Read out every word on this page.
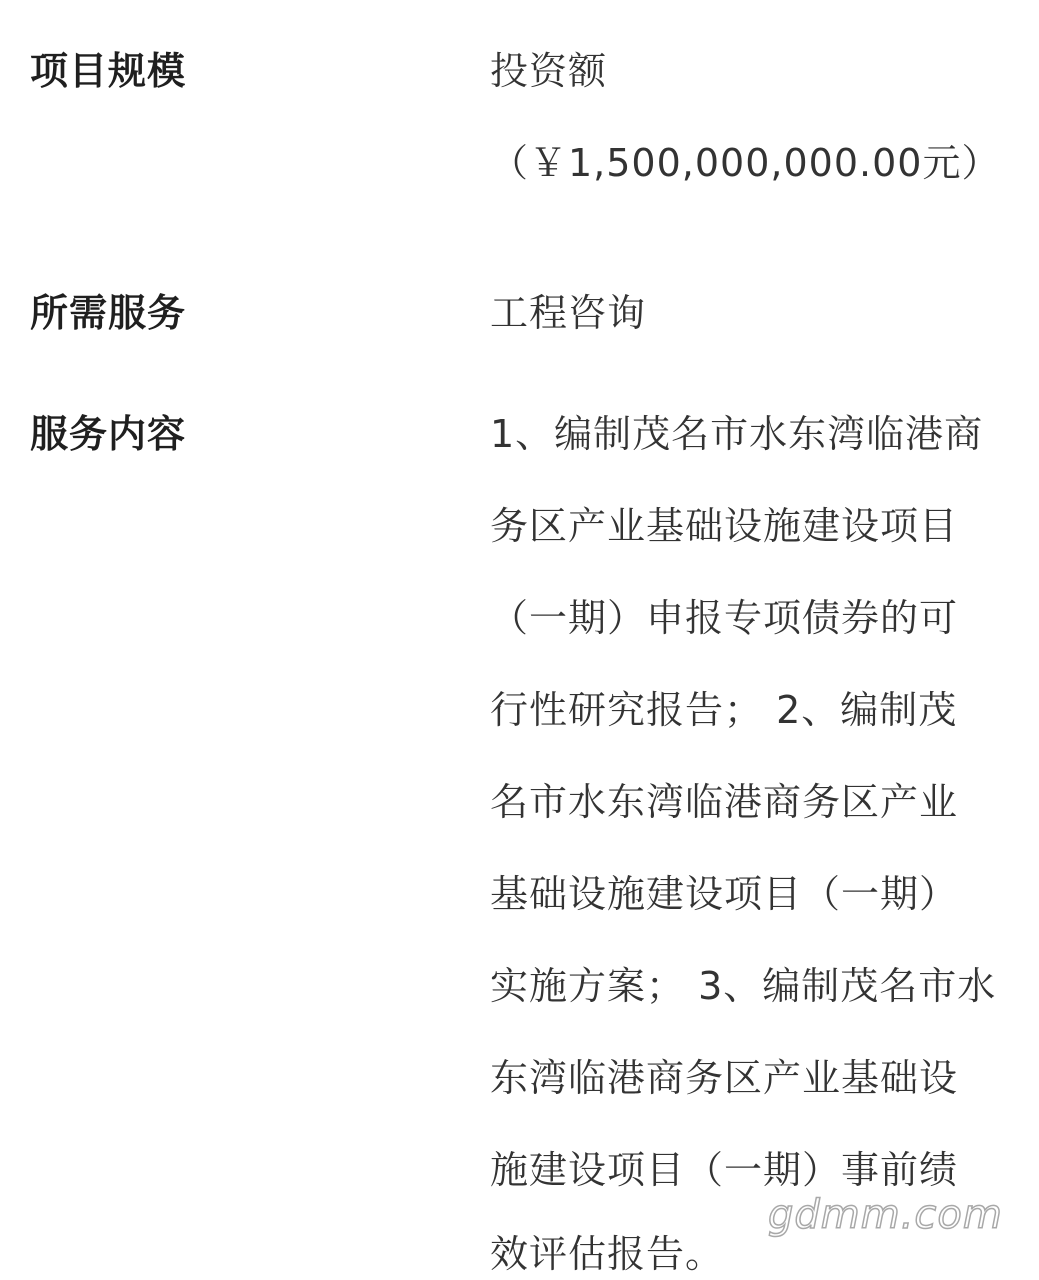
项目规模	投资额
（￥1,500,000,000.00元）
所需服务	工程咨询
服务内容	1、编制茂名市水东湾临港商
务区产业基础设施建设项目
（一期）申报专项债券的可
行性研究报告； 2、编制茂
名市水东湾临港商务区产业
基础设施建设项目（一期）
实施方案； 3、编制茂名市水
东湾临港商务区产业基础设
施建设项目（一期）事前绩
效评估报告。
gdmm.com
